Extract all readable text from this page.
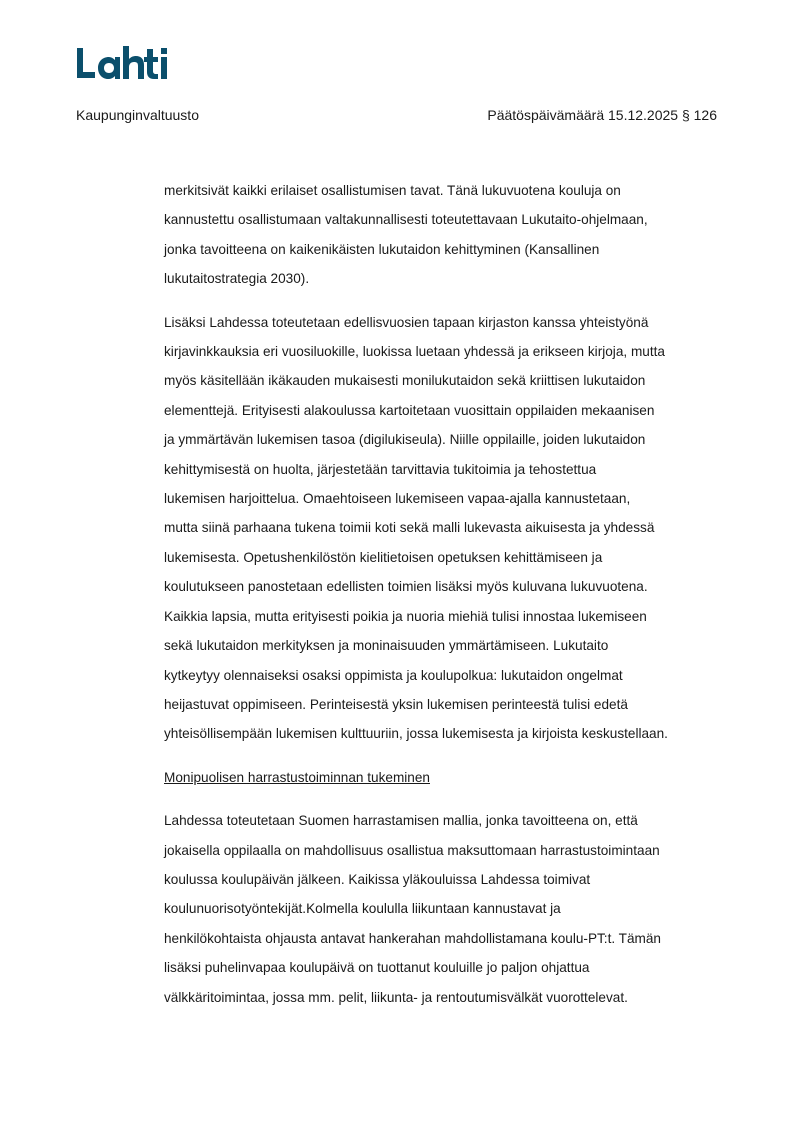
Kaupunginvaltuusto	Päätöspäivämäärä 15.12.2025 § 126

merkitsivät kaikki erilaiset osallistumisen tavat. Tänä lukuvuotena kouluja on
kannustettu osallistumaan valtakunnallisesti toteutettavaan Lukutaito-ohjelmaan,
jonka tavoitteena on kaikenikäisten lukutaidon kehittyminen (Kansallinen
lukutaitostrategia 2030).

Lisäksi Lahdessa toteutetaan edellisvuosien tapaan kirjaston kanssa yhteistyönä
kirjavinkkauksia eri vuosiluokille, luokissa luetaan yhdessä ja erikseen kirjoja, mutta
myös käsitellään ikäkauden mukaisesti monilukutaidon sekä kriittisen lukutaidon
elementtejä. Erityisesti alakoulussa kartoitetaan vuosittain oppilaiden mekaanisen
ja ymmärtävän lukemisen tasoa (digilukiseula). Niille oppilaille, joiden lukutaidon
kehittymisestä on huolta, järjestetään tarvittavia tukitoimia ja tehostettua
lukemisen harjoittelua. Omaehtoiseen lukemiseen vapaa-ajalla kannustetaan,
mutta siinä parhaana tukena toimii koti sekä malli lukevasta aikuisesta ja yhdessä
lukemisesta. Opetushenkilöstön kielitietoisen opetuksen kehittämiseen ja
koulutukseen panostetaan edellisten toimien lisäksi myös kuluvana lukuvuotena.
Kaikkia lapsia, mutta erityisesti poikia ja nuoria miehiä tulisi innostaa lukemiseen
sekä lukutaidon merkityksen ja moninaisuuden ymmärtämiseen. Lukutaito
kytkeytyy olennaiseksi osaksi oppimista ja koulupolkua: lukutaidon ongelmat
heijastuvat oppimiseen. Perinteisestä yksin lukemisen perinteestä tulisi edetä
yhteisöllisempään lukemisen kulttuuriin, jossa lukemisesta ja kirjoista keskustellaan.

Monipuolisen harrastustoiminnan tukeminen

Lahdessa toteutetaan Suomen harrastamisen mallia, jonka tavoitteena on, että
jokaisella oppilaalla on mahdollisuus osallistua maksuttomaan harrastustoimintaan
koulussa koulupäivän jälkeen. Kaikissa yläkouluissa Lahdessa toimivat
koulunuorisotyöntekijät.Kolmella koululla liikuntaan kannustavat ja
henkilökohtaista ohjausta antavat hankerahan mahdollistamana koulu-PT:t. Tämän
lisäksi puhelinvapaa koulupäivä on tuottanut kouluille jo paljon ohjattua
välkkäritoimintaa, jossa mm. pelit, liikunta- ja rentoutumisvälkät vuorottelevat.
